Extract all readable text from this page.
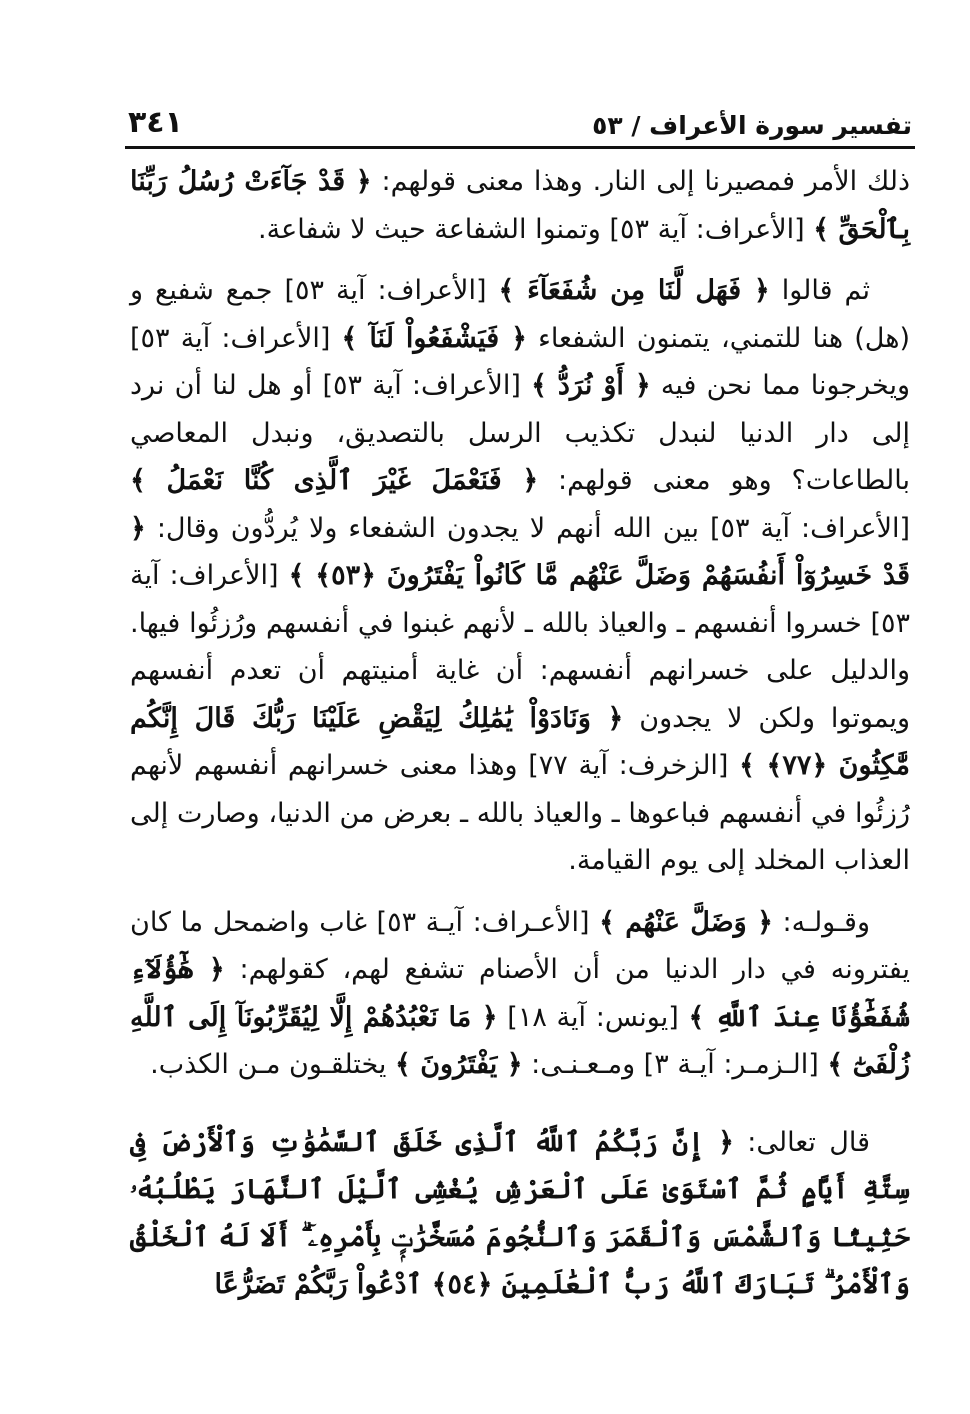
تفسير سورة الأعراف / ٥٣
٣٤١

ذلك الأمر فمصيرنا إلى النار. وهذا معنى قولهم: ﴿ قَدْ جَآءَتْ رُسُلُ رَبِّنَا بِٱلْحَقِّ ﴾ [الأعراف: آية ٥٣] وتمنوا الشفاعة حيث لا شفاعة.

ثم قالوا ﴿ فَهَل لَّنَا مِن شُفَعَآءَ ﴾ [الأعراف: آية ٥٣] جمع شفيع و (هل) هنا للتمني، يتمنون الشفعاء ﴿ فَيَشْفَعُواْ لَنَآ ﴾ [الأعراف: آية ٥٣] ويخرجونا مما نحن فيه ﴿ أَوْ نُرَدُّ ﴾ [الأعراف: آية ٥٣] أو هل لنا أن نرد إلى دار الدنيا لنبدل تكذيب الرسل بالتصديق، ونبدل المعاصي بالطاعات؟ وهو معنى قولهم: ﴿ فَنَعْمَلَ غَيْرَ ٱلَّذِى كُنَّا نَعْمَلُ ﴾ [الأعراف: آية ٥٣] بين الله أنهم لا يجدون الشفعاء ولا يُردُّون وقال: ﴿ قَدْ خَسِرُوٓاْ أَنفُسَهُمْ وَضَلَّ عَنْهُم مَّا كَانُواْ يَفْتَرُونَ ﴿٥٣﴾ ﴾ [الأعراف: آية ٥٣] خسروا أنفسهم ـ والعياذ بالله ـ لأنهم غبنوا في أنفسهم ورُزئُوا فيها. والدليل على خسرانهم أنفسهم: أن غاية أمنيتهم أن تعدم أنفسهم ويموتوا ولكن لا يجدون ﴿ وَنَادَوْاْ يَٰمَٰلِكُ لِيَقْضِ عَلَيْنَا رَبُّكَ قَالَ إِنَّكُم مَّٰكِثُونَ ﴿٧٧﴾ ﴾ [الزخرف: آية ٧٧] وهذا معنى خسرانهم أنفسهم لأنهم رُزئُوا في أنفسهم فباعوها ـ والعياذ بالله ـ بعرض من الدنيا، وصارت إلى العذاب المخلد إلى يوم القيامة.

وقـولـه: ﴿ وَضَلَّ عَنْهُم ﴾ [الأعـراف: آيـة ٥٣] غاب واضمحل ما كان يفترونه في دار الدنيا من أن الأصنام تشفع لهم، كقولهم: ﴿ هَٰٓؤُلَآءِ شُفَعَٰٓؤُنَا عِندَ ٱللَّهِ ﴾ [يونس: آية ١٨] ﴿ مَا نَعْبُدُهُمْ إِلَّا لِيُقَرِّبُونَآ إِلَى ٱللَّهِ زُلْفَىٰٓ ﴾ [الـزمـر: آيـة ٣] ومـعـنـى: ﴿ يَفْتَرُونَ ﴾ يختلقـون مـن الكذب.

قال تعالى: ﴿ إِنَّ رَبَّكُمُ ٱللَّهُ ٱلَّذِى خَلَقَ ٱلسَّمَٰوَٰتِ وَٱلْأَرْضَ فِى سِتَّةِ أَيَّامٍ ثُمَّ ٱسْتَوَىٰ عَلَى ٱلْعَرْشِ يُغْشِى ٱلَّيْلَ ٱلنَّهَارَ يَطْلُبُهُۥ حَثِيثًا وَٱلشَّمْسَ وَٱلْقَمَرَ وَٱلنُّجُومَ مُسَخَّرَٰتٍۭ بِأَمْرِهِۦٓ ۗ أَلَا لَهُ ٱلْخَلْقُ وَٱلْأَمْرُ ۗ تَبَارَكَ ٱللَّهُ رَبُّ ٱلْعَٰلَمِينَ ﴿٥٤﴾ ٱدْعُواْ رَبَّكُمْ تَضَرُّعًا
